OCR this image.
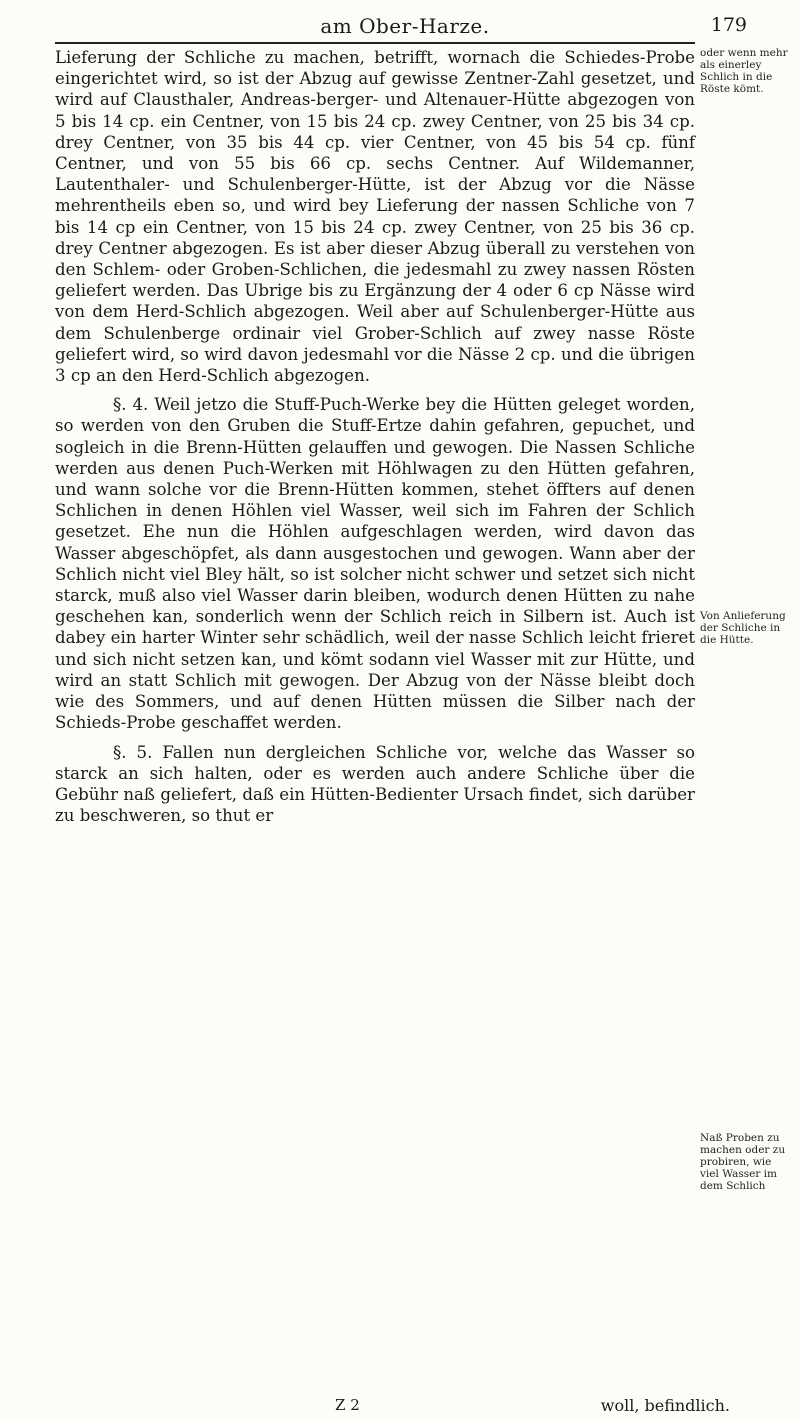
am Ober-Harze.	179

Lieferung der Schliche zu machen, betrifft, wornach die Schiedes-Probe eingerichtet wird, so ist der Abzug auf gewisse Zentner-Zahl gesetzet, und wird auf Clausthaler, Andreas-berger- und Altenauer-Hütte abgezogen von 5 bis 14 cp. ein Centner, von 15 bis 24 cp. zwey Centner, von 25 bis 34 cp. drey Centner, von 35 bis 44 cp. vier Centner, von 45 bis 54 cp. fünf Centner, und von 55 bis 66 cp. sechs Centner. Auf Wildemanner, Lautenthaler- und Schulenberger-Hütte, ist der Abzug vor die Nässe mehrentheils eben so, und wird bey Lieferung der nassen Schliche von 7 bis 14 cp ein Centner, von 15 bis 24 cp. zwey Centner, von 25 bis 36 cp. drey Centner abgezogen. Es ist aber dieser Abzug überall zu verstehen von den Schlem- oder Groben-Schlichen, die jedesmahl zu zwey nassen Rösten geliefert werden. Das Ubrige bis zu Ergänzung der 4 oder 6 cp Nässe wird von dem Herd-Schlich abgezogen. Weil aber auf Schulenberger-Hütte aus dem Schulenberge ordinair viel Grober-Schlich auf zwey nasse Röste geliefert wird, so wird davon jedesmahl vor die Nässe 2 cp. und die übrigen 3 cp an den Herd-Schlich abgezogen.

§. 4. Weil jetzo die Stuff-Puch-Werke bey die Hütten geleget worden, so werden von den Gruben die Stuff-Ertze dahin gefahren, gepuchet, und sogleich in die Brenn-Hütten gelauffen und gewogen. Die Nassen Schliche werden aus denen Puch-Werken mit Höhlwagen zu den Hütten gefahren, und wann solche vor die Brenn-Hütten kommen, stehet öffters auf denen Schlichen in denen Höhlen viel Wasser, weil sich im Fahren der Schlich gesetzet. Ehe nun die Höhlen aufgeschlagen werden, wird davon das Wasser abgeschöpfet, als dann ausgestochen und gewogen. Wann aber der Schlich nicht viel Bley hält, so ist solcher nicht schwer und setzet sich nicht starck, muß also viel Wasser darin bleiben, wodurch denen Hütten zu nahe geschehen kan, sonderlich wenn der Schlich reich in Silbern ist. Auch ist dabey ein harter Winter sehr schädlich, weil der nasse Schlich leicht frieret und sich nicht setzen kan, und kömt sodann viel Wasser mit zur Hütte, und wird an statt Schlich mit gewogen. Der Abzug von der Nässe bleibt doch wie des Sommers, und auf denen Hütten müssen die Silber nach der Schieds-Probe geschaffet werden.

§. 5. Fallen nun dergleichen Schliche vor, welche das Wasser so starck an sich halten, oder es werden auch andere Schliche über die Gebühr naß geliefert, daß ein Hütten-Bedienter Ursach findet, sich darüber zu beschweren, so thut er

oder wenn mehr als einerley Schlich in die Röste kömt.
Von Anlieferung der Schliche in die Hütte.
Naß Proben zu machen oder zu probiren, wie viel Wasser im dem Schlich
Z 2	woll, befindlich.
